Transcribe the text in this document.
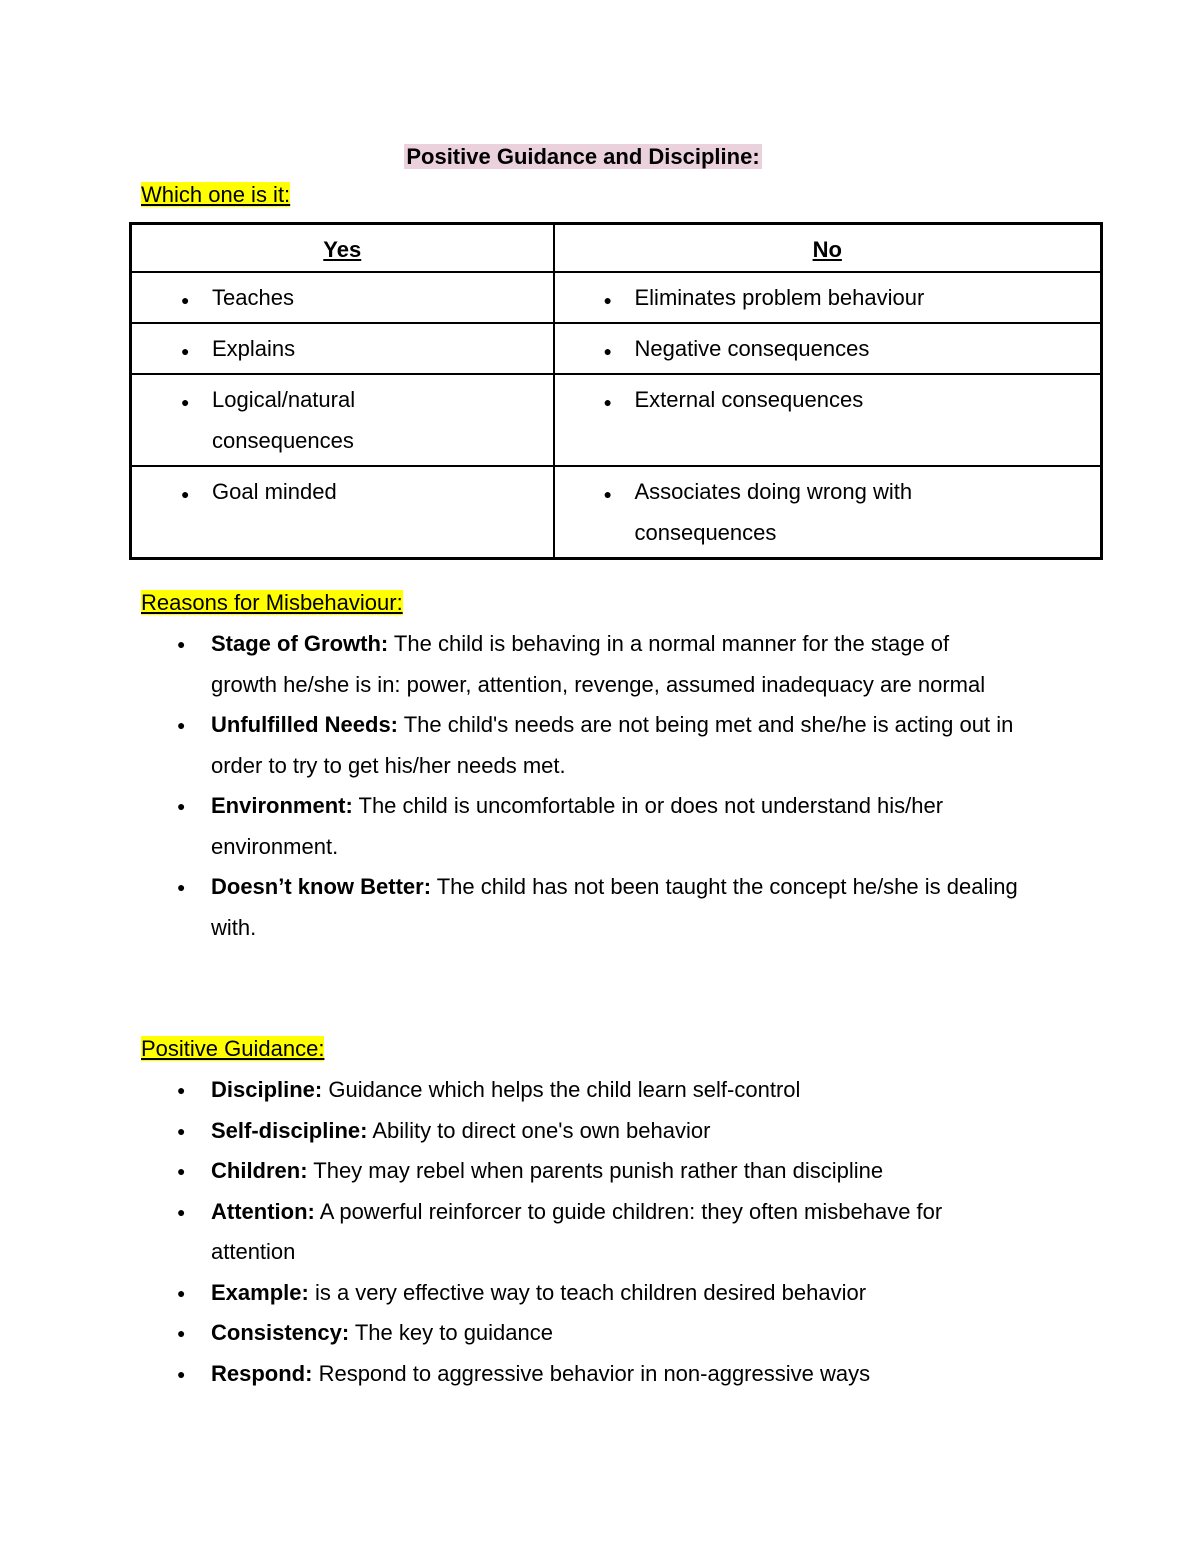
Positive Guidance and Discipline:
Which one is it:
Yes	No

● Teaches	● Eliminates problem behaviour

● Explains	● Negative consequences

● Logical/natural consequences	● External consequences

● Goal minded	● Associates doing wrong with consequences
Reasons for Misbehaviour:
● Stage of Growth: The child is behaving in a normal manner for the stage of growth he/she is in: power, attention, revenge, assumed inadequacy are normal
● Unfulfilled Needs: The child's needs are not being met and she/he is acting out in order to try to get his/her needs met.
● Environment: The child is uncomfortable in or does not understand his/her environment.
● Doesn’t know Better: The child has not been taught the concept he/she is dealing with.
Positive Guidance:
● Discipline: Guidance which helps the child learn self-control
● Self-discipline: Ability to direct one's own behavior
● Children: They may rebel when parents punish rather than discipline
● Attention: A powerful reinforcer to guide children: they often misbehave for attention
● Example: is a very effective way to teach children desired behavior
● Consistency: The key to guidance
● Respond: Respond to aggressive behavior in non-aggressive ways
